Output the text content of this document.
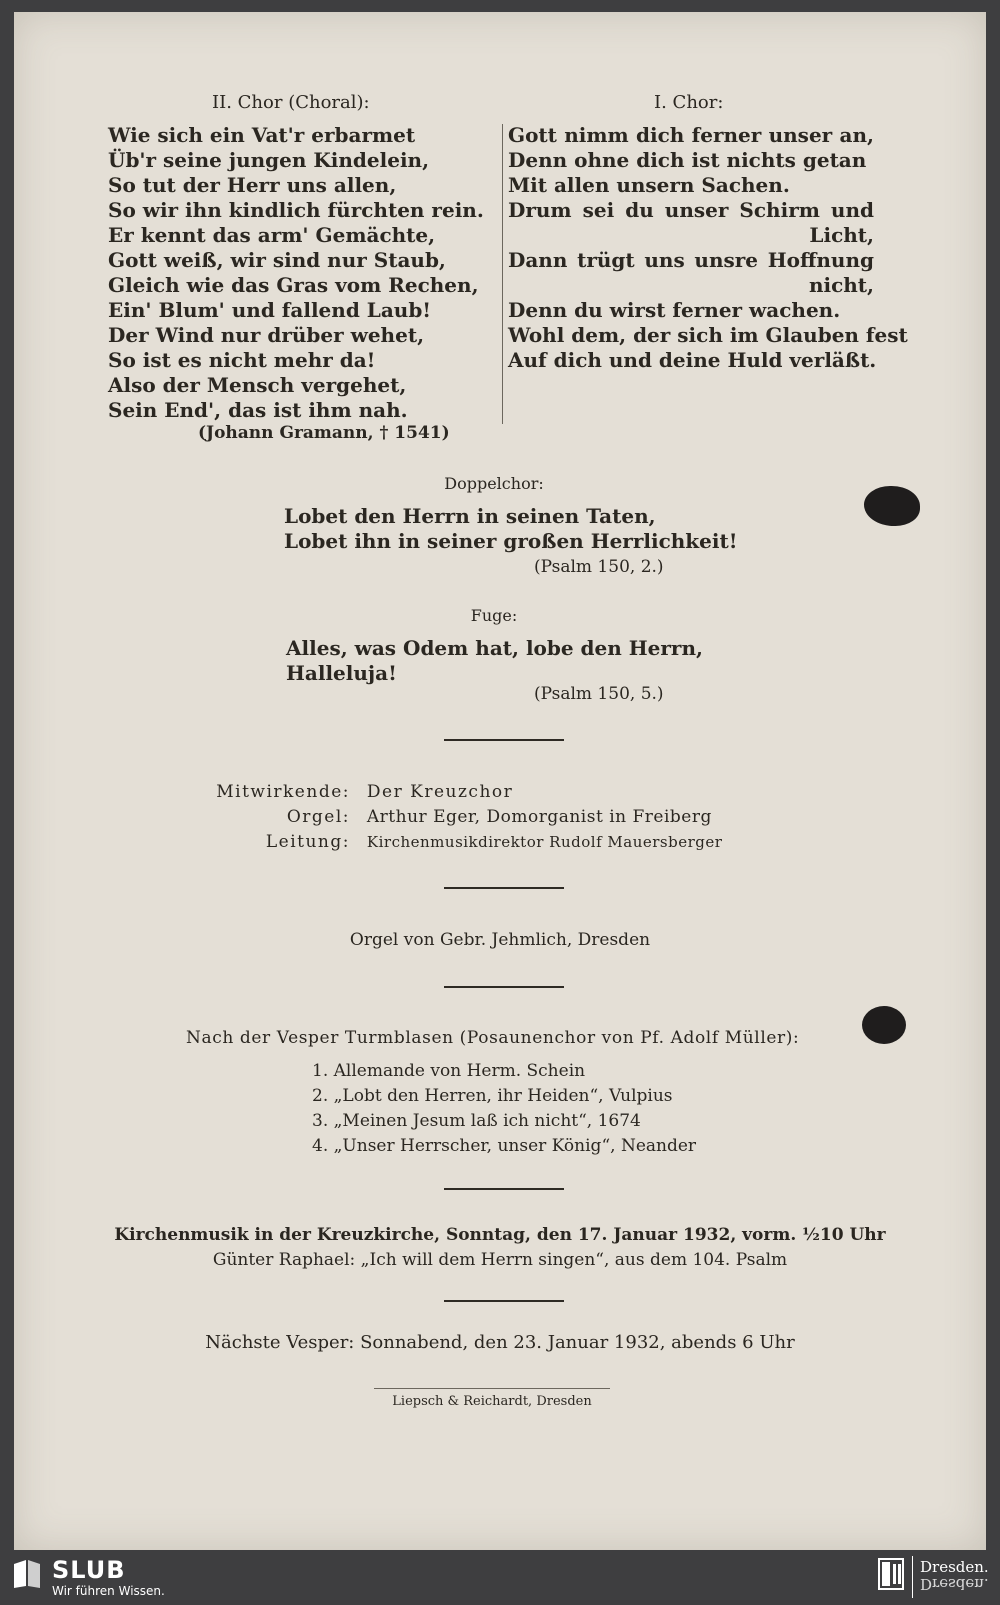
II. Chor (Choral):
Wie sich ein Vat'r erbarmet
Üb'r seine jungen Kindelein,
So tut der Herr uns allen,
So wir ihn kindlich fürchten rein.
Er kennt das arm' Gemächte,
Gott weiß, wir sind nur Staub,
Gleich wie das Gras vom Rechen,
Ein' Blum' und fallend Laub!
Der Wind nur drüber wehet,
So ist es nicht mehr da!
Also der Mensch vergehet,
Sein End', das ist ihm nah.
(Johann Gramann, † 1541)
I. Chor:
Gott nimm dich ferner unser an,
Denn ohne dich ist nichts getan
Mit allen unsern Sachen.
Drum sei du unser Schirm und
Licht,
Dann trügt uns unsre Hoffnung
nicht,
Denn du wirst ferner wachen.
Wohl dem, der sich im Glauben fest
Auf dich und deine Huld verläßt.
Doppelchor:
Lobet den Herrn in seinen Taten,
Lobet ihn in seiner großen Herrlichkeit!
(Psalm 150, 2.)
Fuge:
Alles, was Odem hat, lobe den Herrn,
Halleluja!
(Psalm 150, 5.)
Mitwirkende: Der Kreuzchor
Orgel: Arthur Eger, Domorganist in Freiberg
Leitung: Kirchenmusikdirektor Rudolf Mauersberger
Orgel von Gebr. Jehmlich, Dresden
Nach der Vesper Turmblasen (Posaunenchor von Pf. Adolf Müller):
1. Allemande von Herm. Schein
2. „Lobt den Herren, ihr Heiden“, Vulpius
3. „Meinen Jesum laß ich nicht“, 1674
4. „Unser Herrscher, unser König“, Neander
Kirchenmusik in der Kreuzkirche, Sonntag, den 17. Januar 1932, vorm. ½10 Uhr
Günter Raphael: „Ich will dem Herrn singen“, aus dem 104. Psalm
Nächste Vesper: Sonnabend, den 23. Januar 1932, abends 6 Uhr
Liepsch & Reichardt, Dresden
SLUB
Wir führen Wissen.
Dresden.
Dresden.
